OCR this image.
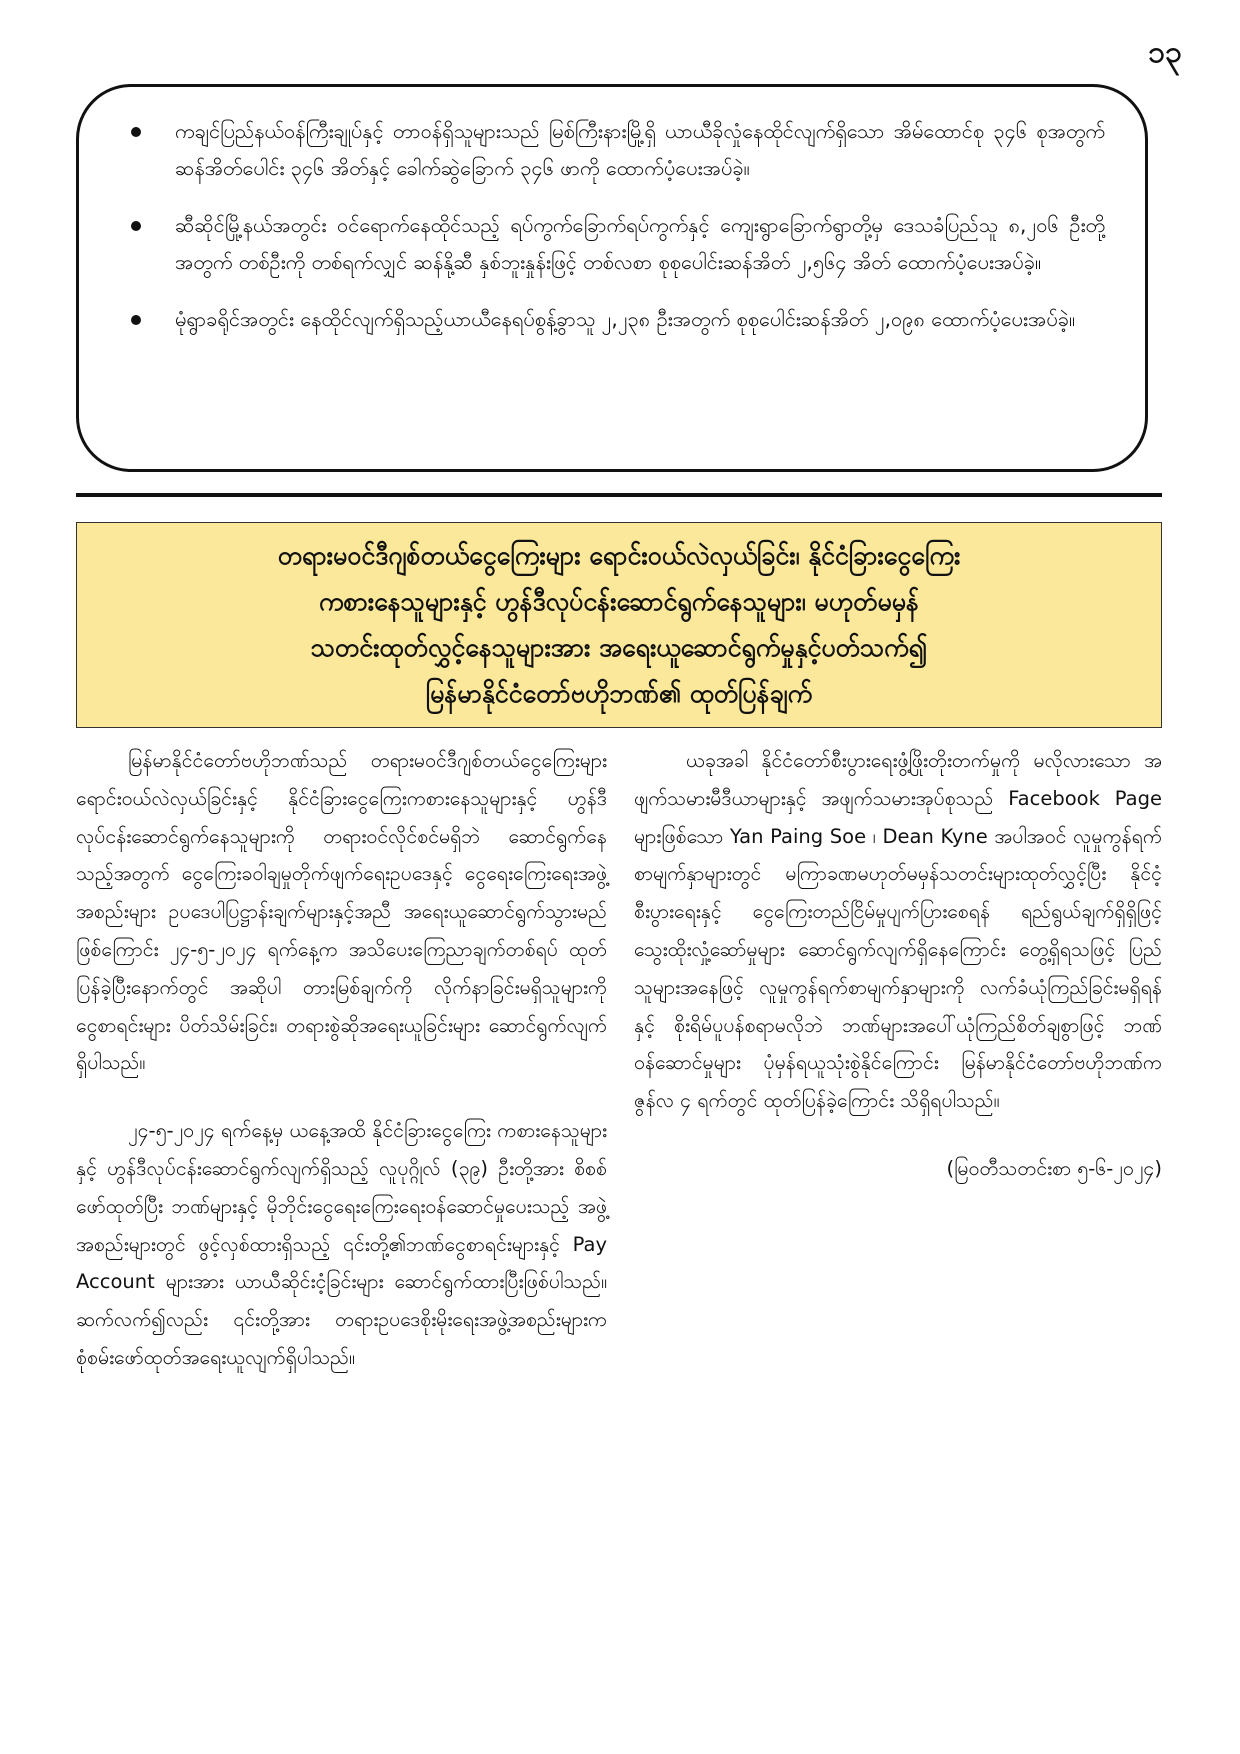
၁၃
ကချင်ပြည်နယ်ဝန်ကြီးချုပ်နှင့် တာဝန်ရှိသူများသည် မြစ်ကြီးနားမြို့ရှိ ယာယီခိုလှုံနေထိုင်လျက်ရှိသော အိမ်ထောင်စု ၃၄၆ စုအတွက် ဆန်အိတ်ပေါင်း ၃၄၆ အိတ်နှင့် ခေါက်ဆွဲခြောက် ၃၄၆ ဖာကို ထောက်ပံ့ပေးအပ်ခဲ့။
ဆီဆိုင်မြို့နယ်အတွင်း ဝင်ရောက်နေထိုင်သည့် ရပ်ကွက်ခြောက်ရပ်ကွက်နှင့် ကျေးရွာခြောက်ရွာတို့မှ ဒေသခံပြည်သူ ၈,၂၀၆ ဦးတို့အတွက် တစ်ဦးကို တစ်ရက်လျှင် ဆန်နို့ဆီ နှစ်ဘူးနှုန်းဖြင့် တစ်လစာ စုစုပေါင်းဆန်အိတ် ၂,၅၆၄ အိတ် ထောက်ပံ့ပေးအပ်ခဲ့။
မုံရွာခရိုင်အတွင်း နေထိုင်လျက်ရှိသည့်ယာယီနေရပ်စွန့်ခွာသူ ၂,၂၃၈ ဦးအတွက် စုစုပေါင်းဆန်အိတ် ၂,၀၉၈ ထောက်ပံ့ပေးအပ်ခဲ့။
တရားမဝင်ဒီဂျစ်တယ်ငွေကြေးများ ရောင်းဝယ်လဲလှယ်ခြင်း၊ နိုင်ငံခြားငွေကြေး
ကစားနေသူများနှင့် ဟွန်ဒီလုပ်ငန်းဆောင်ရွက်နေသူများ၊ မဟုတ်မမှန်
သတင်းထုတ်လွှင့်နေသူများအား အရေးယူဆောင်ရွက်မှုနှင့်ပတ်သက်၍
မြန်မာနိုင်ငံတော်ဗဟိုဘဏ်၏ ထုတ်ပြန်ချက်

မြန်မာနိုင်ငံတော်ဗဟိုဘဏ်သည် တရားမဝင်ဒီဂျစ်တယ်ငွေကြေးများ ရောင်းဝယ်လဲလှယ်ခြင်းနှင့် နိုင်ငံခြားငွေကြေးကစားနေသူများနှင့် ဟွန်ဒီလုပ်ငန်းဆောင်ရွက်နေသူများကို တရားဝင်လိုင်စင်မရှိဘဲ ဆောင်ရွက်နေသည့်အတွက် ငွေကြေးခဝါချမှုတိုက်ဖျက်ရေးဥပဒေနှင့် ငွေရေးကြေးရေးအဖွဲ့အစည်းများ ဥပဒေပါပြဋ္ဌာန်းချက်များနှင့်အညီ အရေးယူဆောင်ရွက်သွားမည်ဖြစ်ကြောင်း ၂၄-၅-၂၀၂၄ ရက်နေ့က အသိပေးကြေညာချက်တစ်ရပ် ထုတ်ပြန်ခဲ့ပြီးနောက်တွင် အဆိုပါ တားမြစ်ချက်ကို လိုက်နာခြင်းမရှိသူများကို ငွေစာရင်းများ ပိတ်သိမ်းခြင်း၊ တရားစွဲဆိုအရေးယူခြင်းများ ဆောင်ရွက်လျက်ရှိပါသည်။

၂၄-၅-၂၀၂၄ ရက်နေ့မှ ယနေ့အထိ နိုင်ငံခြားငွေကြေး ကစားနေသူများနှင့် ဟွန်ဒီလုပ်ငန်းဆောင်ရွက်လျက်ရှိသည့် လူပုဂ္ဂိုလ် (၃၉) ဦးတို့အား စိစစ်ဖော်ထုတ်ပြီး ဘဏ်များနှင့် မိုဘိုင်းငွေရေးကြေးရေးဝန်ဆောင်မှုပေးသည့် အဖွဲ့အစည်းများတွင် ဖွင့်လှစ်ထားရှိသည့် ၎င်းတို့၏ဘဏ်ငွေစာရင်းများနှင့် Pay Account များအား ယာယီဆိုင်းငံ့ခြင်းများ ဆောင်ရွက်ထားပြီးဖြစ်ပါသည်။ ဆက်လက်၍လည်း ၎င်းတို့အား တရားဥပဒေစိုးမိုးရေးအဖွဲ့အစည်းများက စုံစမ်းဖော်ထုတ်အရေးယူလျက်ရှိပါသည်။

ယခုအခါ နိုင်ငံတော်စီးပွားရေးဖွံ့ဖြိုးတိုးတက်မှုကို မလိုလားသော အဖျက်သမားမီဒီယာများနှင့် အဖျက်သမားအုပ်စုသည် Facebook Page များဖြစ်သော Yan Paing Soe ၊ Dean Kyne အပါအဝင် လူမှုကွန်ရက်စာမျက်နှာများတွင် မကြာခဏမဟုတ်မမှန်သတင်းများထုတ်လွှင့်ပြီး နိုင်ငံ့စီးပွားရေးနှင့် ငွေကြေးတည်ငြိမ်မှုပျက်ပြားစေရန် ရည်ရွယ်ချက်ရှိရှိဖြင့် သွေးထိုးလှုံ့ဆော်မှုများ ဆောင်ရွက်လျက်ရှိနေကြောင်း တွေ့ရှိရသဖြင့် ပြည်သူများအနေဖြင့် လူမှုကွန်ရက်စာမျက်နှာများကို လက်ခံယုံကြည်ခြင်းမရှိရန်နှင့် စိုးရိမ်ပူပန်စရာမလိုဘဲ ဘဏ်များအပေါ်ယုံကြည်စိတ်ချစွာဖြင့် ဘဏ်ဝန်ဆောင်မှုများ ပုံမှန်ရယူသုံးစွဲနိုင်ကြောင်း မြန်မာနိုင်ငံတော်ဗဟိုဘဏ်က ဇွန်လ ၄ ရက်တွင် ထုတ်ပြန်ခဲ့ကြောင်း သိရှိရပါသည်။

(မြဝတီသတင်းစာ ၅-၆-၂၀၂၄)
